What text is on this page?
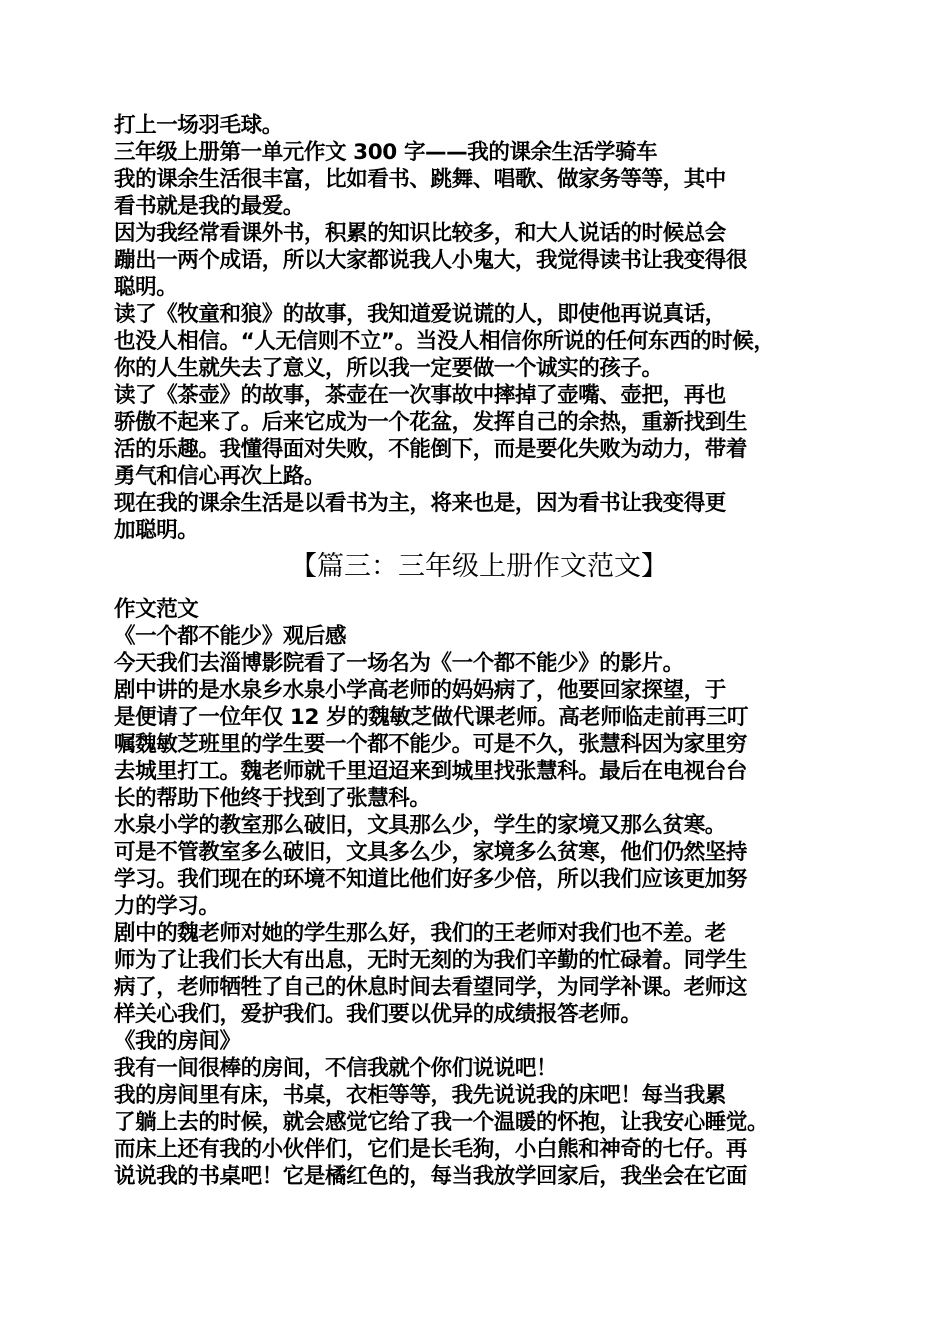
打上一场羽毛球。
三年级上册第一单元作文 300 字——我的课余生活学骑车
我的课余生活很丰富，比如看书、跳舞、唱歌、做家务等等，其中
看书就是我的最爱。
因为我经常看课外书，积累的知识比较多，和大人说话的时候总会
蹦出一两个成语，所以大家都说我人小鬼大，我觉得读书让我变得很
聪明。
读了《牧童和狼》的故事，我知道爱说谎的人，即使他再说真话，
也没人相信。“人无信则不立”。当没人相信你所说的任何东西的时候，
你的人生就失去了意义，所以我一定要做一个诚实的孩子。
读了《茶壶》的故事，茶壶在一次事故中摔掉了壶嘴、壶把，再也
骄傲不起来了。后来它成为一个花盆，发挥自己的余热，重新找到生
活的乐趣。我懂得面对失败，不能倒下，而是要化失败为动力，带着
勇气和信心再次上路。
现在我的课余生活是以看书为主，将来也是，因为看书让我变得更
加聪明。
【篇三：三年级上册作文范文】
作文范文
《一个都不能少》观后感
今天我们去淄博影院看了一场名为《一个都不能少》的影片。
剧中讲的是水泉乡水泉小学高老师的妈妈病了，他要回家探望，于
是便请了一位年仅 12 岁的魏敏芝做代课老师。高老师临走前再三叮
嘱魏敏芝班里的学生要一个都不能少。可是不久，张慧科因为家里穷
去城里打工。魏老师就千里迢迢来到城里找张慧科。最后在电视台台
长的帮助下他终于找到了张慧科。
水泉小学的教室那么破旧，文具那么少，学生的家境又那么贫寒。
可是不管教室多么破旧，文具多么少，家境多么贫寒，他们仍然坚持
学习。我们现在的环境不知道比他们好多少倍，所以我们应该更加努
力的学习。
剧中的魏老师对她的学生那么好，我们的王老师对我们也不差。老
师为了让我们长大有出息，无时无刻的为我们辛勤的忙碌着。同学生
病了，老师牺牲了自己的休息时间去看望同学，为同学补课。老师这
样关心我们，爱护我们。我们要以优异的成绩报答老师。
《我的房间》
我有一间很棒的房间，不信我就个你们说说吧！
我的房间里有床，书桌，衣柜等等，我先说说我的床吧！每当我累
了躺上去的时候，就会感觉它给了我一个温暖的怀抱，让我安心睡觉。
而床上还有我的小伙伴们，它们是长毛狗，小白熊和神奇的七仔。再
说说我的书桌吧！它是橘红色的，每当我放学回家后，我坐会在它面
